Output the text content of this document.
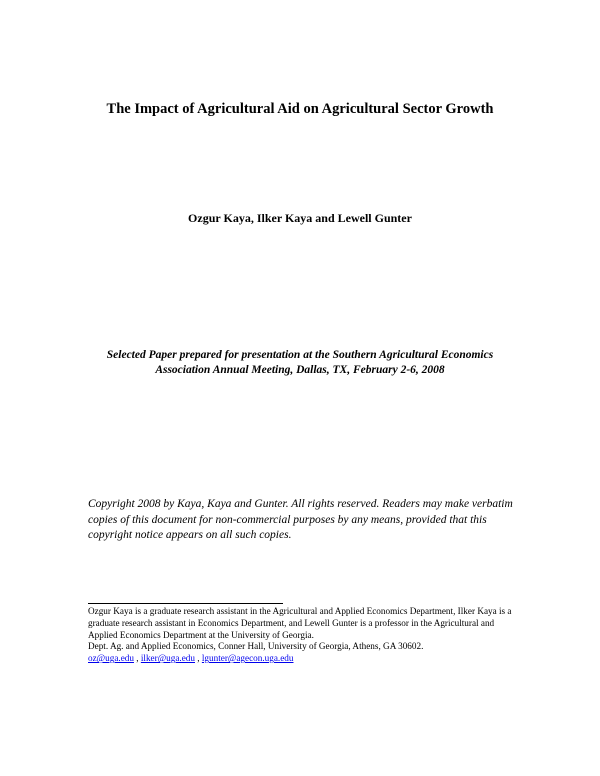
The Impact of Agricultural Aid on Agricultural Sector Growth
Ozgur Kaya, Ilker Kaya and Lewell Gunter
Selected Paper prepared for presentation at the Southern Agricultural Economics
Association Annual Meeting, Dallas, TX, February 2-6, 2008
Copyright 2008 by Kaya, Kaya and Gunter. All rights reserved. Readers may make verbatim copies of this document for non-commercial purposes by any means, provided that this copyright notice appears on all such copies.

Ozgur Kaya is a graduate research assistant in the Agricultural and Applied Economics Department, Ilker Kaya is a graduate research assistant in Economics Department, and Lewell Gunter is a professor in the Agricultural and Applied Economics Department at the University of Georgia.

Dept. Ag. and Applied Economics, Conner Hall, University of Georgia, Athens, GA 30602.

oz@uga.edu , ilker@uga.edu , lgunter@agecon.uga.edu
